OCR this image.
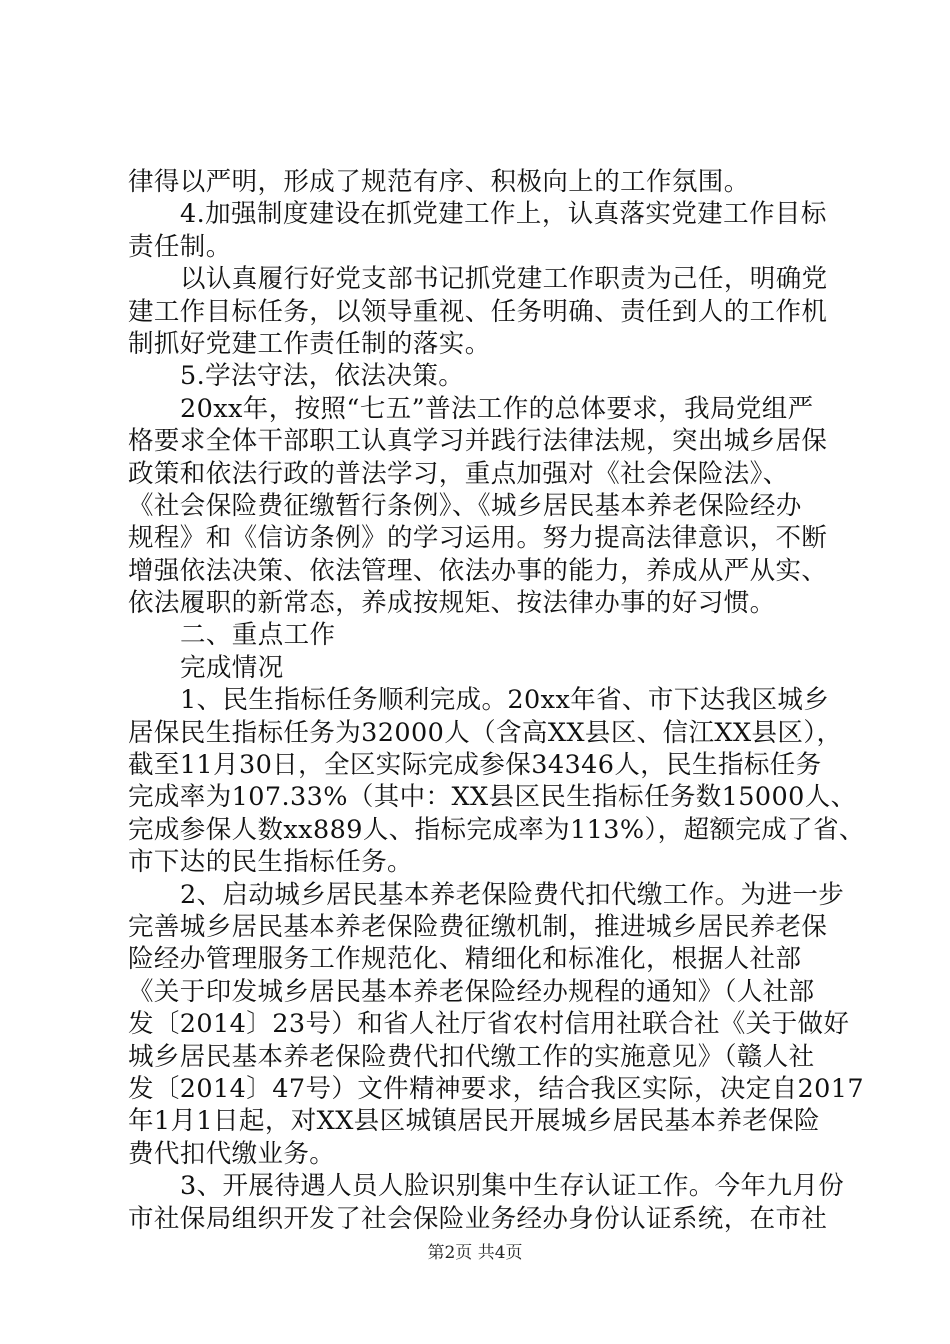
律得以严明，形成了规范有序、积极向上的工作氛围。
4.加强制度建设在抓党建工作上，认真落实党建工作目标
责任制。
以认真履行好党支部书记抓党建工作职责为己任，明确党
建工作目标任务，以领导重视、任务明确、责任到人的工作机
制抓好党建工作责任制的落实。
5.学法守法，依法决策。
20xx年，按照“七五”普法工作的总体要求，我局党组严
格要求全体干部职工认真学习并践行法律法规，突出城乡居保
政策和依法行政的普法学习，重点加强对《社会保险法》、
《社会保险费征缴暂行条例》、《城乡居民基本养老保险经办
规程》和《信访条例》的学习运用。努力提高法律意识，不断
增强依法决策、依法管理、依法办事的能力，养成从严从实、
依法履职的新常态，养成按规矩、按法律办事的好习惯。
二、重点工作
完成情况
1、民生指标任务顺利完成。20xx年省、市下达我区城乡
居保民生指标任务为32000人（含高XX县区、信江XX县区），
截至11月30日，全区实际完成参保34346人，民生指标任务
完成率为107.33%（其中：XX县区民生指标任务数15000人、
完成参保人数xx889人、指标完成率为113%），超额完成了省、
市下达的民生指标任务。
2、启动城乡居民基本养老保险费代扣代缴工作。为进一步
完善城乡居民基本养老保险费征缴机制，推进城乡居民养老保
险经办管理服务工作规范化、精细化和标准化，根据人社部
《关于印发城乡居民基本养老保险经办规程的通知》（人社部
发〔2014〕23号）和省人社厅省农村信用社联合社《关于做好
城乡居民基本养老保险费代扣代缴工作的实施意见》（赣人社
发〔2014〕47号）文件精神要求，结合我区实际，决定自2017
年1月1日起，对XX县区城镇居民开展城乡居民基本养老保险
费代扣代缴业务。
3、开展待遇人员人脸识别集中生存认证工作。今年九月份
市社保局组织开发了社会保险业务经办身份认证系统，在市社
第2页 共4页
